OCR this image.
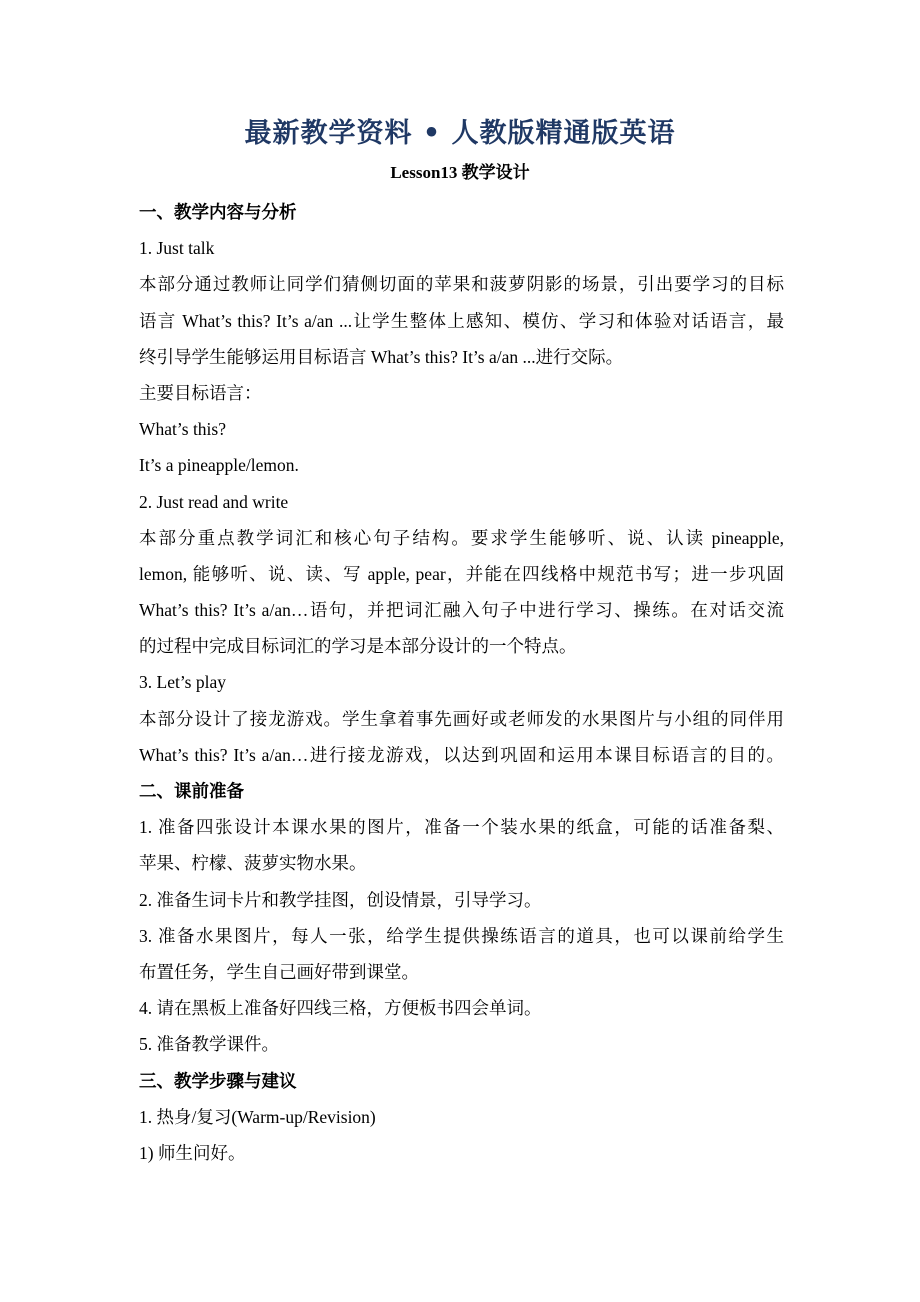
最新教学资料 • 人教版精通版英语
Lesson13 教学设计
一、教学内容与分析
1. Just talk
本部分通过教师让同学们猜侧切面的苹果和菠萝阴影的场景，引出要学习的目标
语言 What’s this? It’s a/an ...让学生整体上感知、模仿、学习和体验对话语言，最
终引导学生能够运用目标语言 What’s this? It’s a/an ...进行交际。
主要目标语言：
What’s this?
It’s a pineapple/lemon.
2. Just read and write
本部分重点教学词汇和核心句子结构。要求学生能够听、说、认读 pineapple,
lemon, 能够听、说、读、写 apple, pear，并能在四线格中规范书写；进一步巩固
What’s this? It’s a/an…语句，并把词汇融入句子中进行学习、操练。在对话交流
的过程中完成目标词汇的学习是本部分设计的一个特点。
3. Let’s play
本部分设计了接龙游戏。学生拿着事先画好或老师发的水果图片与小组的同伴用
What’s this? It’s a/an…进行接龙游戏，以达到巩固和运用本课目标语言的目的。
二、课前准备
1. 准备四张设计本课水果的图片，准备一个装水果的纸盒，可能的话准备梨、
苹果、柠檬、菠萝实物水果。
2. 准备生词卡片和教学挂图，创设情景，引导学习。
3. 准备水果图片，每人一张，给学生提供操练语言的道具，也可以课前给学生
布置任务，学生自己画好带到课堂。
4. 请在黑板上准备好四线三格，方便板书四会单词。
5. 准备教学课件。
三、教学步骤与建议
1. 热身/复习(Warm-up/Revision)
1) 师生问好。
